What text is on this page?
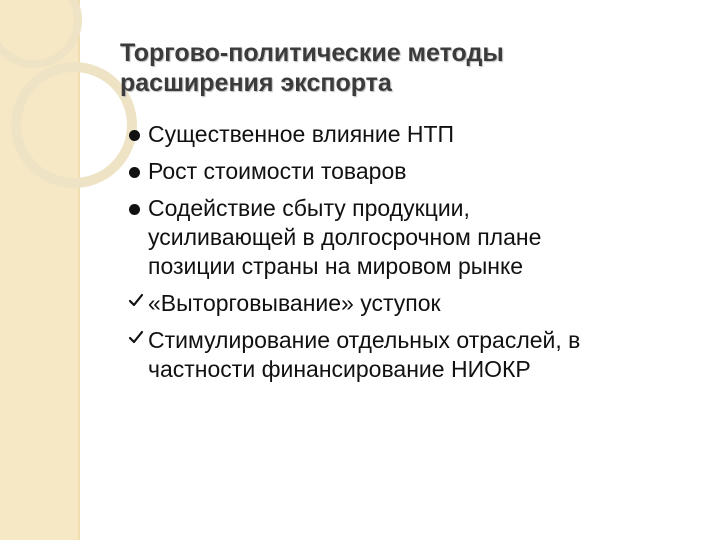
Торгово-политические методы
расширения экспорта
Существенное влияние НТП
Рост стоимости товаров
Содействие сбыту продукции,
усиливающей в долгосрочном плане
позиции страны на мировом рынке
«Выторговывание» уступок
Стимулирование отдельных отраслей, в
частности финансирование НИОКР
